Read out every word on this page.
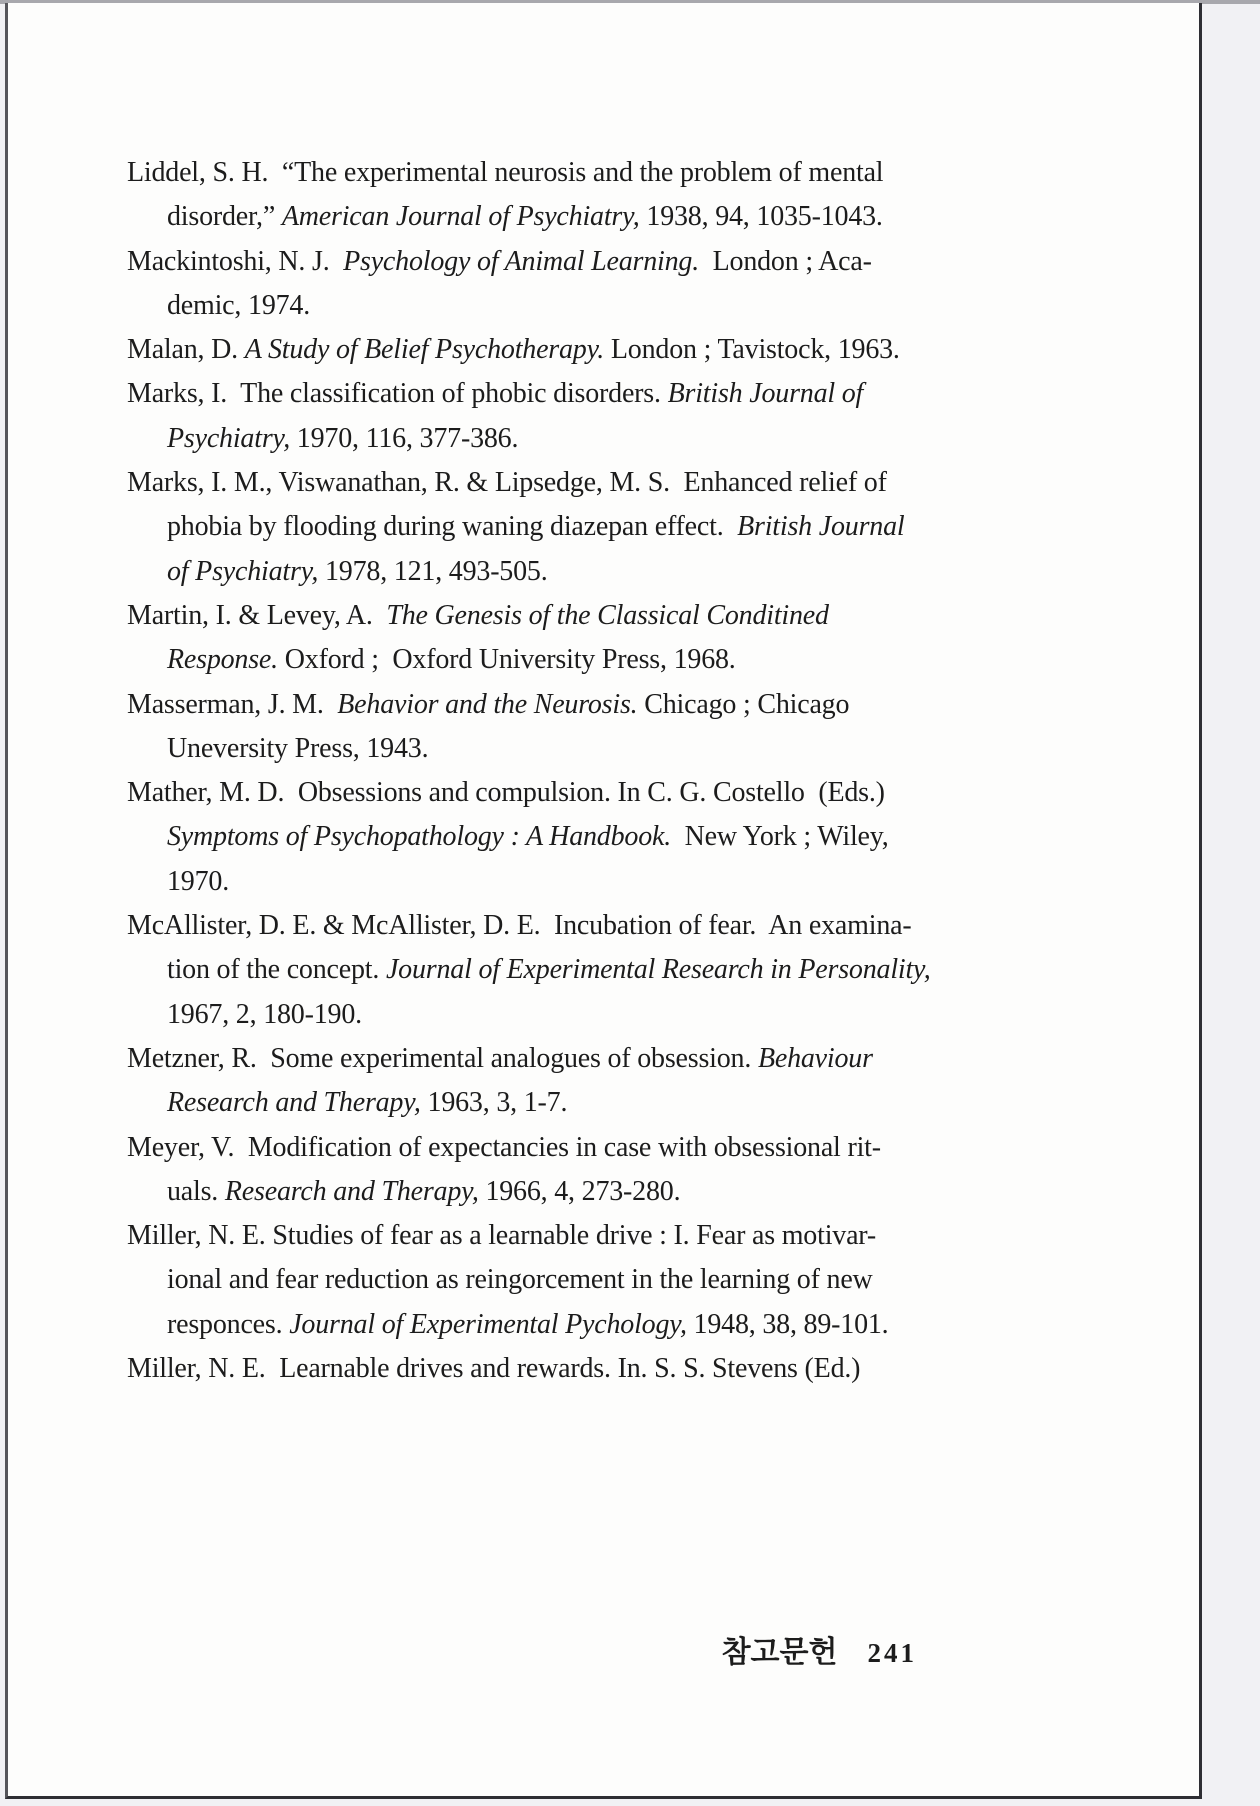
Liddel, S. H.  “The experimental neurosis and the problem of mental
disorder,” American Journal of Psychiatry, 1938, 94, 1035-1043.
Mackintoshi, N. J.  Psychology of Animal Learning.  London ; Aca-
demic, 1974.
Malan, D. A Study of Belief Psychotherapy. London ; Tavistock, 1963.
Marks, I.  The classification of phobic disorders. British Journal of
Psychiatry, 1970, 116, 377-386.
Marks, I. M., Viswanathan, R. & Lipsedge, M. S.  Enhanced relief of
phobia by flooding during waning diazepan effect.  British Journal
of Psychiatry, 1978, 121, 493-505.
Martin, I. & Levey, A.  The Genesis of the Classical Conditined
Response. Oxford ;  Oxford University Press, 1968.
Masserman, J. M.  Behavior and the Neurosis. Chicago ; Chicago
Uneversity Press, 1943.
Mather, M. D.  Obsessions and compulsion. In C. G. Costello  (Eds.)
Symptoms of Psychopathology : A Handbook.  New York ; Wiley,
1970.
McAllister, D. E. & McAllister, D. E.  Incubation of fear.  An examina-
tion of the concept. Journal of Experimental Research in Personality,
1967, 2, 180-190.
Metzner, R.  Some experimental analogues of obsession. Behaviour
Research and Therapy, 1963, 3, 1-7.
Meyer, V.  Modification of expectancies in case with obsessional rit-
uals. Research and Therapy, 1966, 4, 273-280.
Miller, N. E. Studies of fear as a learnable drive : I. Fear as motivar-
ional and fear reduction as reingorcement in the learning of new
responces. Journal of Experimental Pychology, 1948, 38, 89-101.
Miller, N. E.  Learnable drives and rewards. In. S. S. Stevens (Ed.)

참고문헌 241
